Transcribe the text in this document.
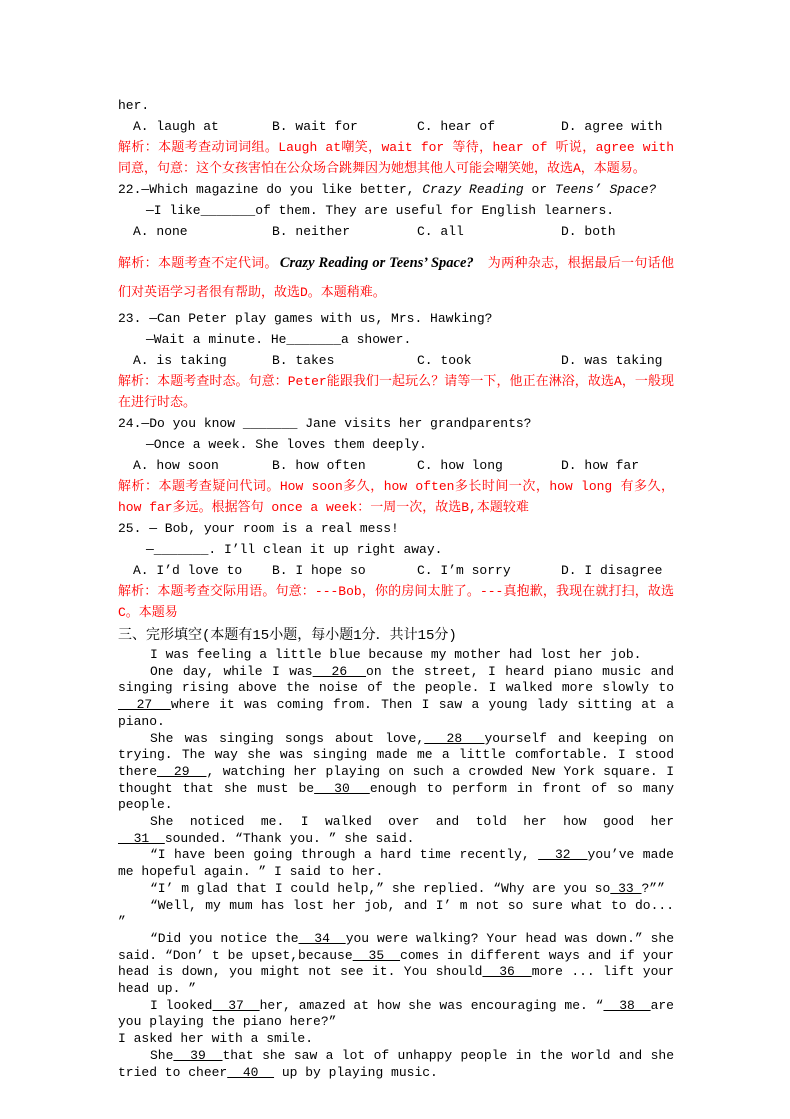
her.

A. laugh at	B. wait for	C. hear of	D. agree with

解析：本题考查动词词组。Laugh at嘲笑，wait for 等待，hear of 听说，agree with 同意，句意：这个女孩害怕在公众场合跳舞因为她想其他人可能会嘲笑她，故选A，本题易。

22.—Which magazine do you like better, Crazy Reading or Teens’ Space?

—I like_______of them. They are useful for English learners.

A. none	B. neither	C. all	D. both

解析：本题考查不定代词。 Crazy Reading or Teens’ Space? 为两种杂志，根据最后一句话他们对英语学习者很有帮助，故选D。本题稍难。

23. —Can Peter play games with us, Mrs. Hawking?

—Wait a minute. He_______a shower.

A. is taking	B. takes	C. took	D. was taking

解析：本题考查时态。句意：Peter能跟我们一起玩么？请等一下，他正在淋浴，故选A，一般现在进行时态。

24.—Do you know _______ Jane visits her grandparents?

—Once a week. She loves them deeply.

A. how soon	B. how often	C. how long	D. how far

解析：本题考查疑问代词。How soon多久，how often多长时间一次，how long 有多久，how far多远。根据答句 once a week：一周一次，故选B,本题较难

25. — Bob, your room is a real mess!

—_______. I’ll clean it up right away.

A. I’d love to	B. I hope so	C. I’m sorry	D. I disagree

解析：本题考查交际用语。句意：---Bob，你的房间太脏了。---真抱歉，我现在就打扫，故选C。本题易

三、完形填空(本题有15小题，每小题1分．共计15分)

I was feeling a little blue because my mother had lost her job.

One day, while I was  26  on the street, I heard piano music and singing rising above the noise of the people. I walked more slowly to  27  where it was coming from. Then I saw a young lady sitting at a piano.

She was singing songs about love,  28  yourself and keeping on trying. The way she was singing made me a little comfortable. I stood there  29  , watching her playing on such a crowded New York square. I thought that she must be  30  enough to perform in front of so many people.

She noticed me. I walked over and told her how good her  31  sounded. “Thank you. ” she said.

“I have been going through a hard time recently,   32  you’ve made me hopeful again. ” I said to her.

“I’ m glad that I could help,” she replied. “Why are you so 33 ?””

“Well, my mum has lost her job, and I’ m not so sure what to do... ”

“Did you notice the  34  you were walking? Your head was down.” she said. “Don’ t be upset,because  35  comes in different ways and if your head is down, you might not see it. You should  36  more ... lift your head up. ”

I looked  37  her, amazed at how she was encouraging me. “  38  are you playing the piano here?”

I asked her with a smile.

She  39  that she saw a lot of unhappy people in the world and she tried to cheer  40   up by playing music.
